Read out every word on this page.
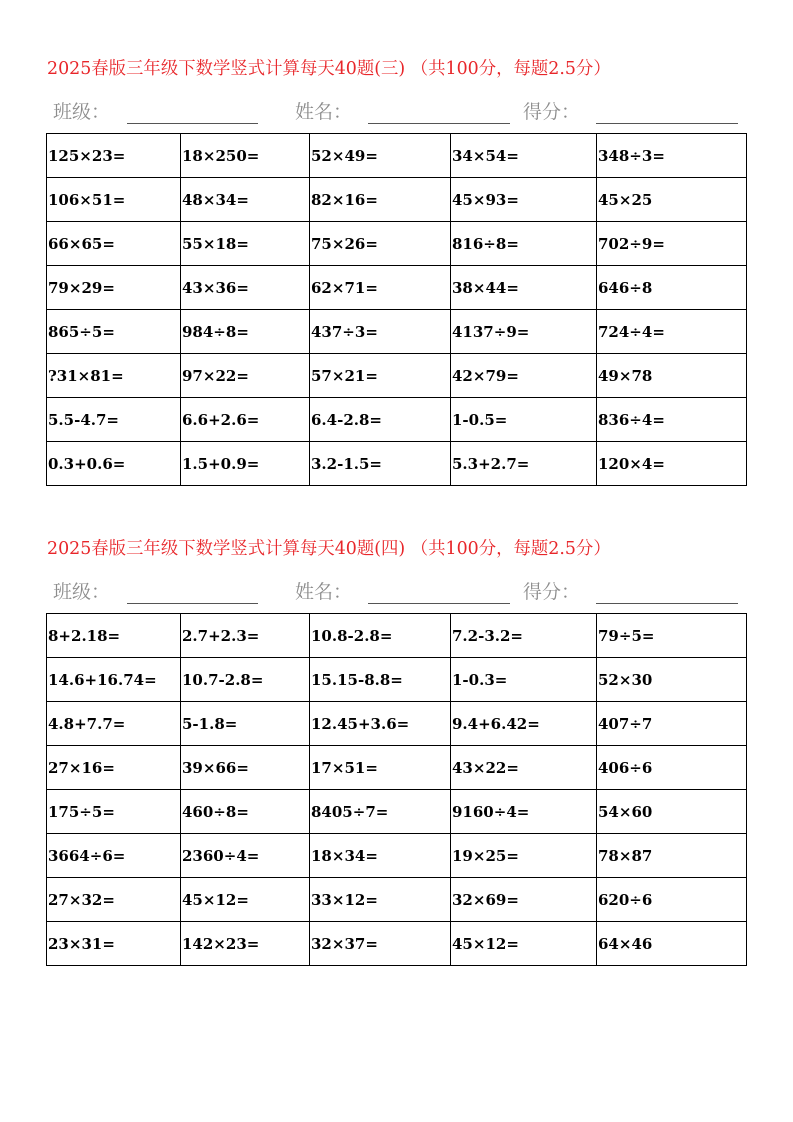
2025春版三年级下数学竖式计算每天40题(三) （共100分，每题2.5分）
班级：	姓名：	得分：
125×23=	18×250=	52×49=	34×54=	348÷3=
106×51=	48×34=	82×16=	45×93=	45×25
66×65=	55×18=	75×26=	816÷8=	702÷9=
79×29=	43×36=	62×71=	38×44=	646÷8
865÷5=	984÷8=	437÷3=	4137÷9=	724÷4=
?31×81=	97×22=	57×21=	42×79=	49×78
5.5-4.7=	6.6+2.6=	6.4-2.8=	1-0.5=	836÷4=
0.3+0.6=	1.5+0.9=	3.2-1.5=	5.3+2.7=	120×4=
2025春版三年级下数学竖式计算每天40题(四) （共100分，每题2.5分）
班级：	姓名：	得分：
8+2.18=	2.7+2.3=	10.8-2.8=	7.2-3.2=	79÷5=
14.6+16.74=	10.7-2.8=	15.15-8.8=	1-0.3=	52×30
4.8+7.7=	5-1.8=	12.45+3.6=	9.4+6.42=	407÷7
27×16=	39×66=	17×51=	43×22=	406÷6
175÷5=	460÷8=	8405÷7=	9160÷4=	54×60
3664÷6=	2360÷4=	18×34=	19×25=	78×87
27×32=	45×12=	33×12=	32×69=	620÷6
23×31=	142×23=	32×37=	45×12=	64×46
